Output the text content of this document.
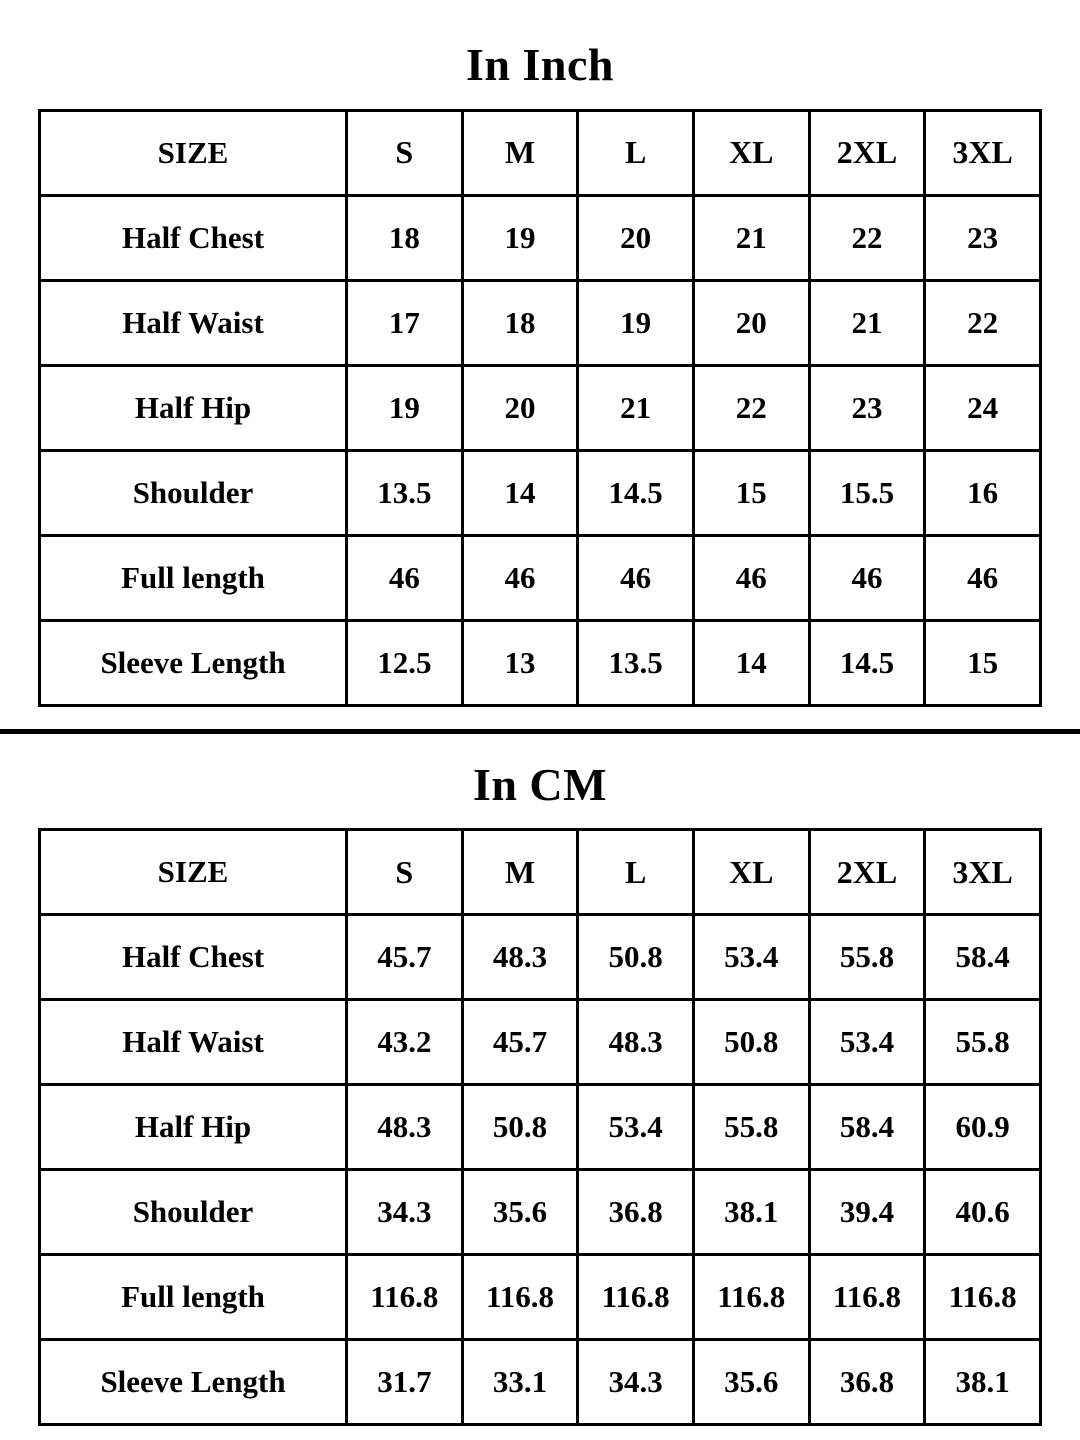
In Inch
SIZE	S	M	L	XL	2XL	3XL
Half Chest	18	19	20	21	22	23
Half Waist	17	18	19	20	21	22
Half Hip	19	20	21	22	23	24
Shoulder	13.5	14	14.5	15	15.5	16
Full length	46	46	46	46	46	46
Sleeve Length	12.5	13	13.5	14	14.5	15
In CM
SIZE	S	M	L	XL	2XL	3XL
Half Chest	45.7	48.3	50.8	53.4	55.8	58.4
Half Waist	43.2	45.7	48.3	50.8	53.4	55.8
Half Hip	48.3	50.8	53.4	55.8	58.4	60.9
Shoulder	34.3	35.6	36.8	38.1	39.4	40.6
Full length	116.8	116.8	116.8	116.8	116.8	116.8
Sleeve Length	31.7	33.1	34.3	35.6	36.8	38.1
